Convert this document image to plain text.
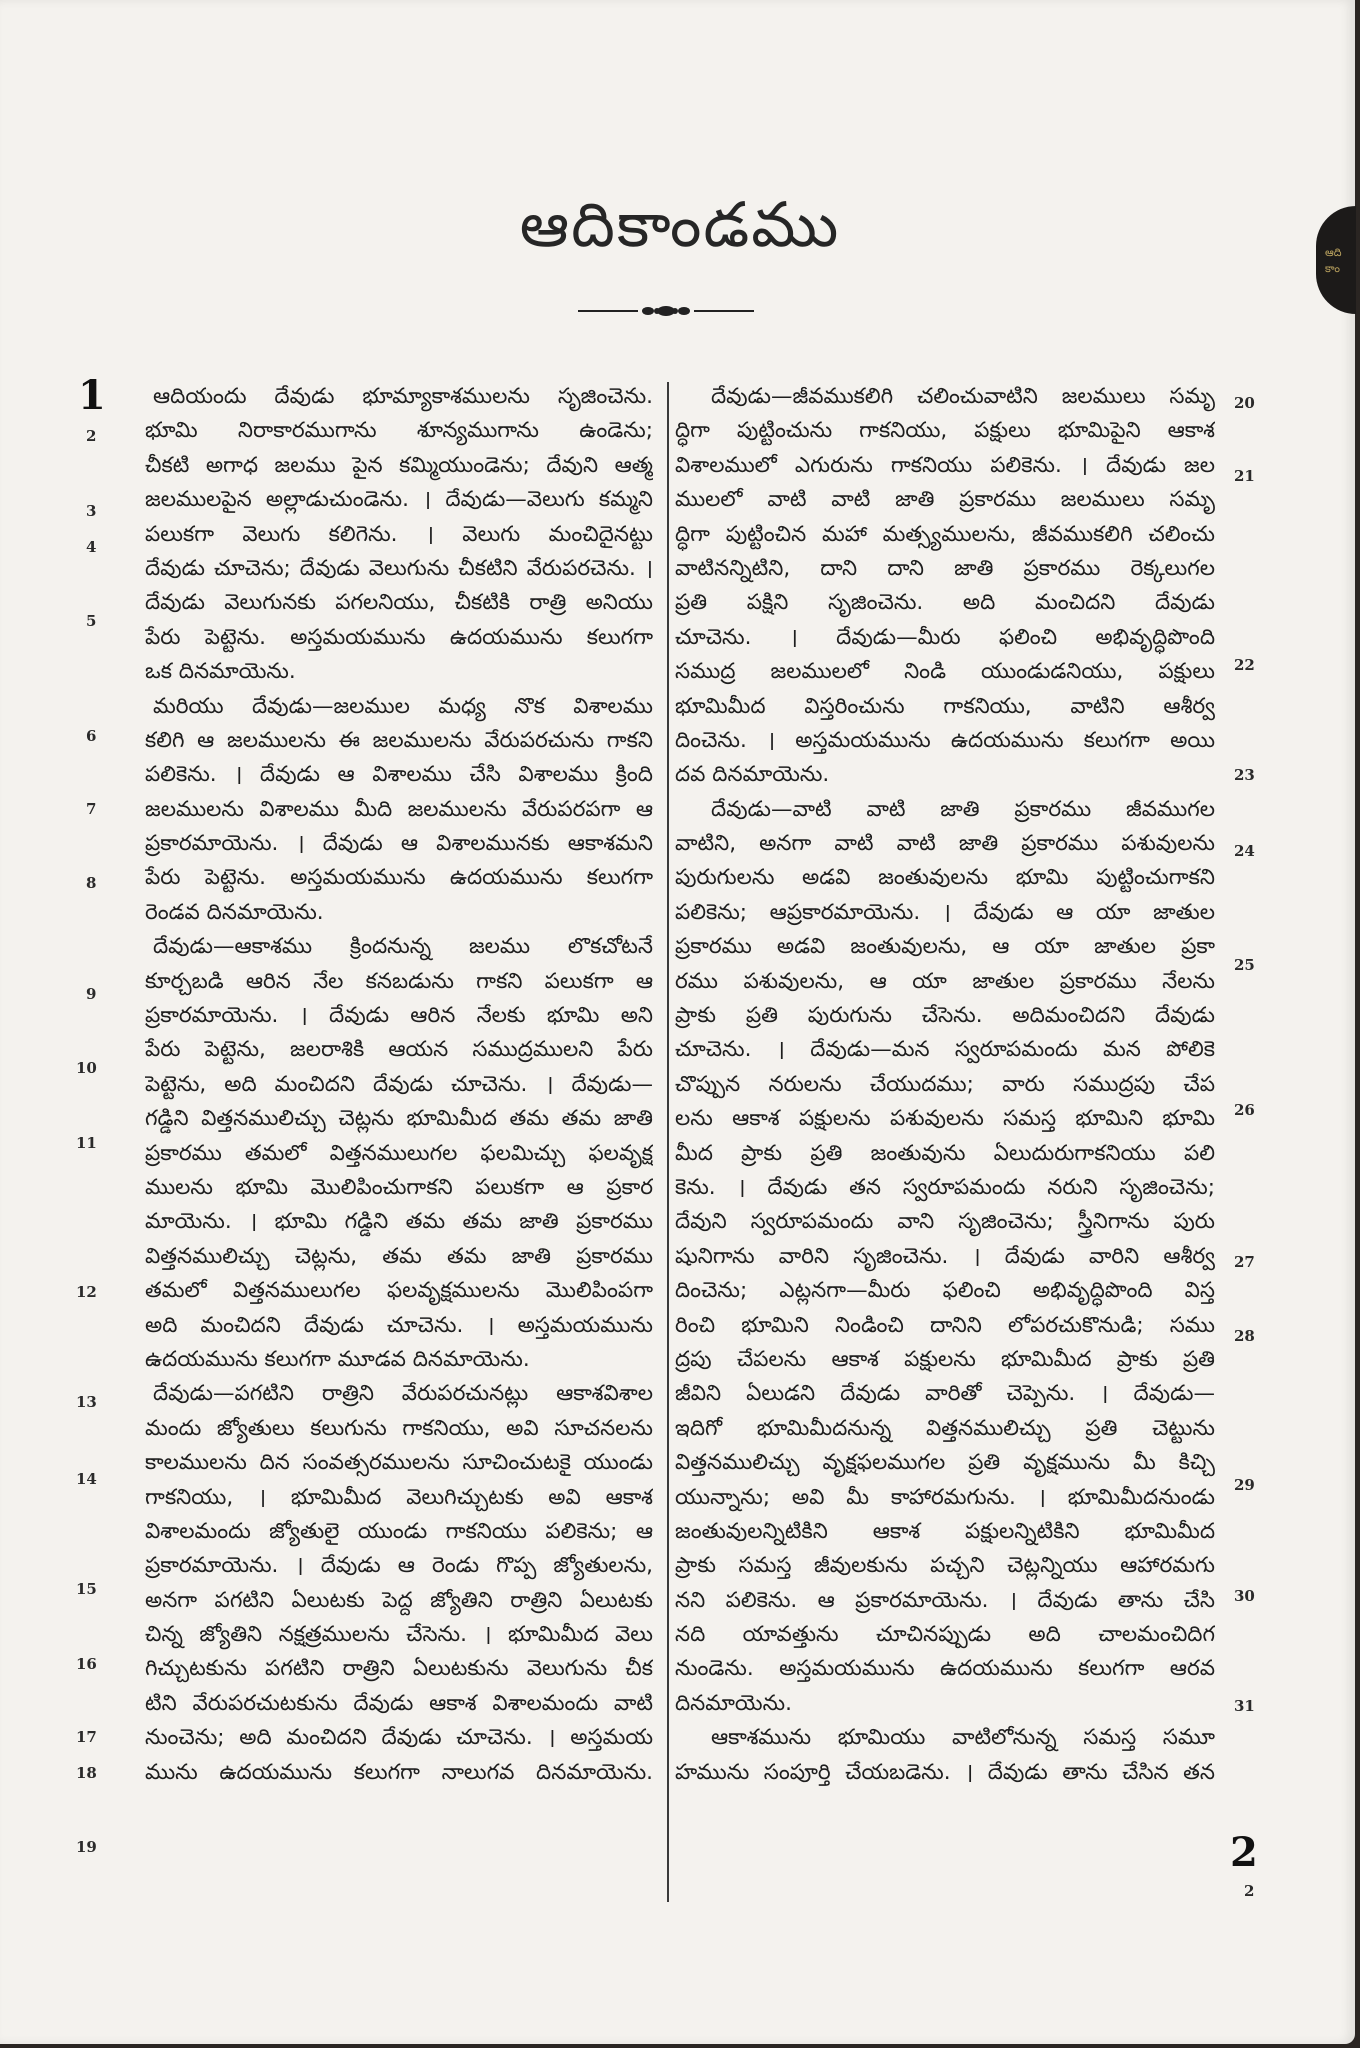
ఆదికాండము	ఆది
కాం
1
2
2
3
4
5
6
7
8
9
10
11
12
13
14
15
16
17
18
19
20
21
22
23
24
25
26
27
28
29
30
31
2
ఆదియందు దేవుడు భూమ్యాకాశములను సృజించెను.
భూమి నిరాకారముగాను శూన్యముగాను ఉండెను;
చీకటి అగాధ జలము పైన కమ్మియుండెను; దేవుని ఆత్మ
జలములపైన అల్లాడుచుండెను. । దేవుడు—వెలుగు కమ్మని
పలుకగా వెలుగు కలిగెను. । వెలుగు మంచిదైనట్టు
దేవుడు చూచెను; దేవుడు వెలుగును చీకటిని వేరుపరచెను. ।
దేవుడు వెలుగునకు పగలనియు, చీకటికి రాత్రి అనియు
పేరు పెట్టెను. అస్తమయమును ఉదయమును కలుగగా
ఒక దినమాయెను.
మరియు దేవుడు—జలముల మధ్య నొక విశాలము
కలిగి ఆ జలములను ఈ జలములను వేరుపరచును గాకని
పలికెను. । దేవుడు ఆ విశాలము చేసి విశాలము క్రింది
జలములను విశాలము మీది జలములను వేరుపరపగా ఆ
ప్రకారమాయెను. । దేవుడు ఆ విశాలమునకు ఆకాశమని
పేరు పెట్టెను. అస్తమయమును ఉదయమును కలుగగా
రెండవ దినమాయెను.
దేవుడు—ఆకాశము క్రిందనున్న జలము లొకచోటనే
కూర్చబడి ఆరిన నేల కనబడును గాకని పలుకగా ఆ
ప్రకారమాయెను. । దేవుడు ఆరిన నేలకు భూమి అని
పేరు పెట్టెను, జలరాశికి ఆయన సముద్రములని పేరు
పెట్టెను, అది మంచిదని దేవుడు చూచెను. । దేవుడు—
గడ్డిని విత్తనములిచ్చు చెట్లను భూమిమీద తమ తమ జాతి
ప్రకారము తమలో విత్తనములుగల ఫలమిచ్చు ఫలవృక్ష
ములను భూమి మొలిపించుగాకని పలుకగా ఆ ప్రకార
మాయెను. । భూమి గడ్డిని తమ తమ జాతి ప్రకారము
విత్తనములిచ్చు చెట్లను, తమ తమ జాతి ప్రకారము
తమలో విత్తనములుగల ఫలవృక్షములను మొలిపింపగా
అది మంచిదని దేవుడు చూచెను. । అస్తమయమును
ఉదయమును కలుగగా మూడవ దినమాయెను.
దేవుడు—పగటిని రాత్రిని వేరుపరచునట్లు ఆకాశవిశాల
మందు జ్యోతులు కలుగును గాకనియు, అవి సూచనలను
కాలములను దిన సంవత్సరములను సూచించుటకై యుండు
గాకనియు, । భూమిమీద వెలుగిచ్చుటకు అవి ఆకాశ
విశాలమందు జ్యోతులై యుండు గాకనియు పలికెను; ఆ
ప్రకారమాయెను. । దేవుడు ఆ రెండు గొప్ప జ్యోతులను,
అనగా పగటిని ఏలుటకు పెద్ద జ్యోతిని రాత్రిని ఏలుటకు
చిన్న జ్యోతిని నక్షత్రములను చేసెను. । భూమిమీద వెలు
గిచ్చుటకును పగటిని రాత్రిని ఏలుటకును వెలుగును చీక
టిని వేరుపరచుటకును దేవుడు ఆకాశ విశాలమందు వాటి
నుంచెను; అది మంచిదని దేవుడు చూచెను. । అస్తమయ
మును ఉదయమును కలుగగా నాలుగవ దినమాయెను.
దేవుడు—జీవముకలిగి చలించువాటిని జలములు సమృ
ద్ధిగా పుట్టించును గాకనియు, పక్షులు భూమిపైని ఆకాశ
విశాలములో ఎగురును గాకనియు పలికెను. । దేవుడు జల
ములలో వాటి వాటి జాతి ప్రకారము జలములు సమృ
ద్ధిగా పుట్టించిన మహా మత్స్యములను, జీవముకలిగి చలించు
వాటినన్నిటిని, దాని దాని జాతి ప్రకారము రెక్కలుగల
ప్రతి పక్షిని సృజించెను. అది మంచిదని దేవుడు
చూచెను. । దేవుడు—మీరు ఫలించి అభివృద్ధిపొంది
సముద్ర జలములలో నిండి యుండుడనియు, పక్షులు
భూమిమీద విస్తరించును గాకనియు, వాటిని ఆశీర్వ
దించెను. । అస్తమయమును ఉదయమును కలుగగా అయి
దవ దినమాయెను.
దేవుడు—వాటి వాటి జాతి ప్రకారము జీవముగల
వాటిని, అనగా వాటి వాటి జాతి ప్రకారము పశువులను
పురుగులను అడవి జంతువులను భూమి పుట్టించుగాకని
పలికెను; ఆప్రకారమాయెను. । దేవుడు ఆ యా జాతుల
ప్రకారము అడవి జంతువులను, ఆ యా జాతుల ప్రకా
రము పశువులను, ఆ యా జాతుల ప్రకారము నేలను
ప్రాకు ప్రతి పురుగును చేసెను. అదిమంచిదని దేవుడు
చూచెను. । దేవుడు—మన స్వరూపమందు మన పోలికె
చొప్పున నరులను చేయుదము; వారు సముద్రపు చేప
లను ఆకాశ పక్షులను పశువులను సమస్త భూమిని భూమి
మీద ప్రాకు ప్రతి జంతువును ఏలుదురుగాకనియు పలి
కెను. । దేవుడు తన స్వరూపమందు నరుని సృజించెను;
దేవుని స్వరూపమందు వాని సృజించెను; స్త్రీనిగాను పురు
షునిగాను వారిని సృజించెను. । దేవుడు వారిని ఆశీర్వ
దించెను; ఎట్లనగా—మీరు ఫలించి అభివృద్ధిపొంది విస్త
రించి భూమిని నిండించి దానిని లోపరచుకొనుడి; సము
ద్రపు చేపలను ఆకాశ పక్షులను భూమిమీద ప్రాకు ప్రతి
జీవిని ఏలుడని దేవుడు వారితో చెప్పెను. । దేవుడు—
ఇదిగో భూమిమీదనున్న విత్తనములిచ్చు ప్రతి చెట్టును
విత్తనములిచ్చు వృక్షఫలముగల ప్రతి వృక్షమును మీ కిచ్చి
యున్నాను; అవి మీ కాహారమగును. । భూమిమీదనుండు
జంతువులన్నిటికిని ఆకాశ పక్షులన్నిటికిని భూమిమీద
ప్రాకు సమస్త జీవులకును పచ్చని చెట్లన్నియు ఆహారమగు
నని పలికెను. ఆ ప్రకారమాయెను. । దేవుడు తాను చేసి
నది యావత్తును చూచినప్పుడు అది చాలమంచిదిగ
నుండెను. అస్తమయమును ఉదయమును కలుగగా ఆరవ
దినమాయెను.
ఆకాశమును భూమియు వాటిలోనున్న సమస్త సమూ
హమును సంపూర్తి చేయబడెను. । దేవుడు తాను చేసిన తన
